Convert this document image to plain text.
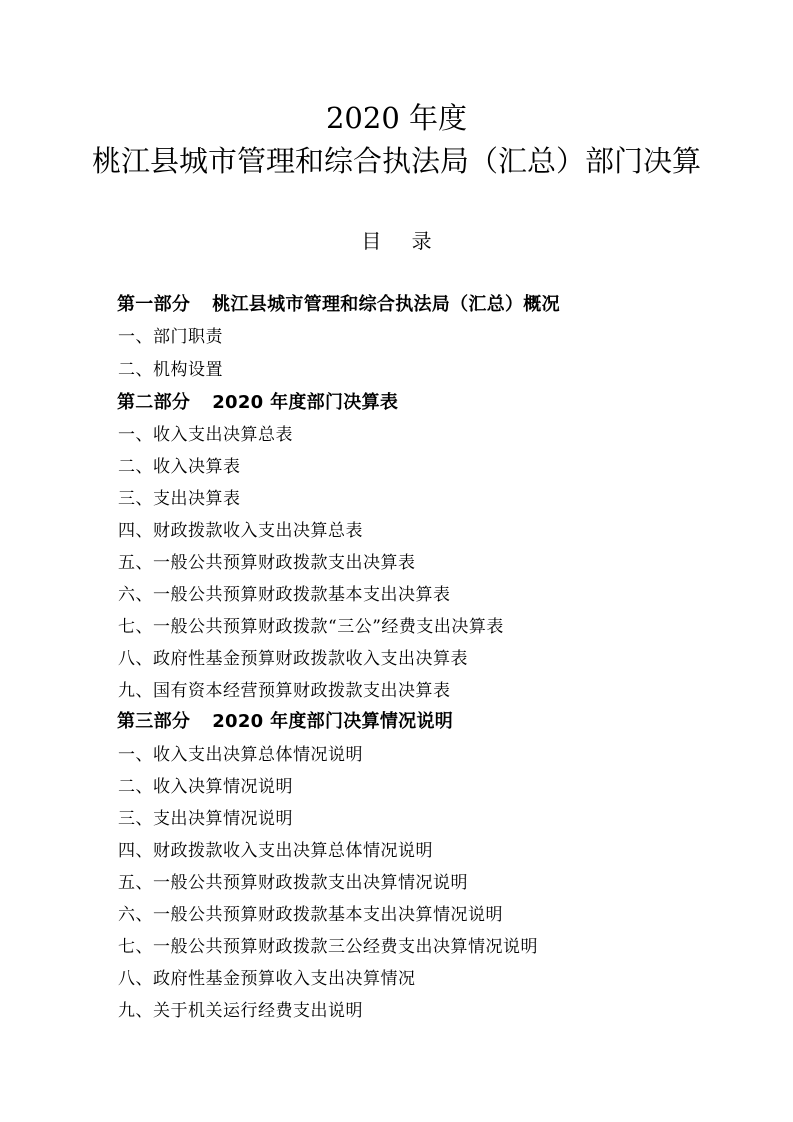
2020 年度
桃江县城市管理和综合执法局（汇总）部门决算
目 录
第一部分 桃江县城市管理和综合执法局（汇总）概况
一、部门职责
二、机构设置
第二部分 2020 年度部门决算表
一、收入支出决算总表
二、收入决算表
三、支出决算表
四、财政拨款收入支出决算总表
五、一般公共预算财政拨款支出决算表
六、一般公共预算财政拨款基本支出决算表
七、一般公共预算财政拨款“三公”经费支出决算表
八、政府性基金预算财政拨款收入支出决算表
九、国有资本经营预算财政拨款支出决算表
第三部分 2020 年度部门决算情况说明
一、收入支出决算总体情况说明
二、收入决算情况说明
三、支出决算情况说明
四、财政拨款收入支出决算总体情况说明
五、一般公共预算财政拨款支出决算情况说明
六、一般公共预算财政拨款基本支出决算情况说明
七、一般公共预算财政拨款三公经费支出决算情况说明
八、政府性基金预算收入支出决算情况
九、关于机关运行经费支出说明
